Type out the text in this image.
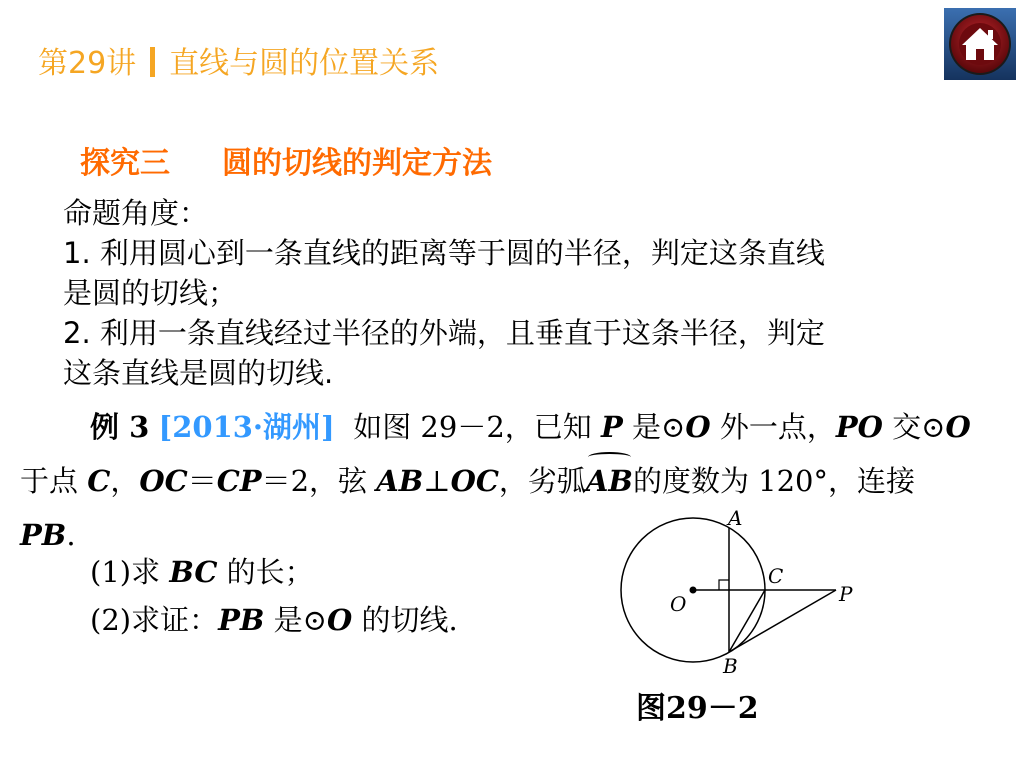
第29讲 直线与圆的位置关系
探究三 圆的切线的判定方法

命题角度：

1. 利用圆心到一条直线的距离等于圆的半径，判定这条直线

是圆的切线；

2. 利用一条直线经过半径的外端，且垂直于这条半径，判定

这条直线是圆的切线.

例 3 [2013·湖州] 如图 29－2，已知 P 是⊙O 外一点，PO 交⊙O

于点 C，OC＝CP＝2，弦 AB⊥OC，劣弧AB的度数为 120°，连接

PB.

(1)求 BC 的长；

(2)求证：PB 是⊙O 的切线.

A
C
P
O
B
图29－2
